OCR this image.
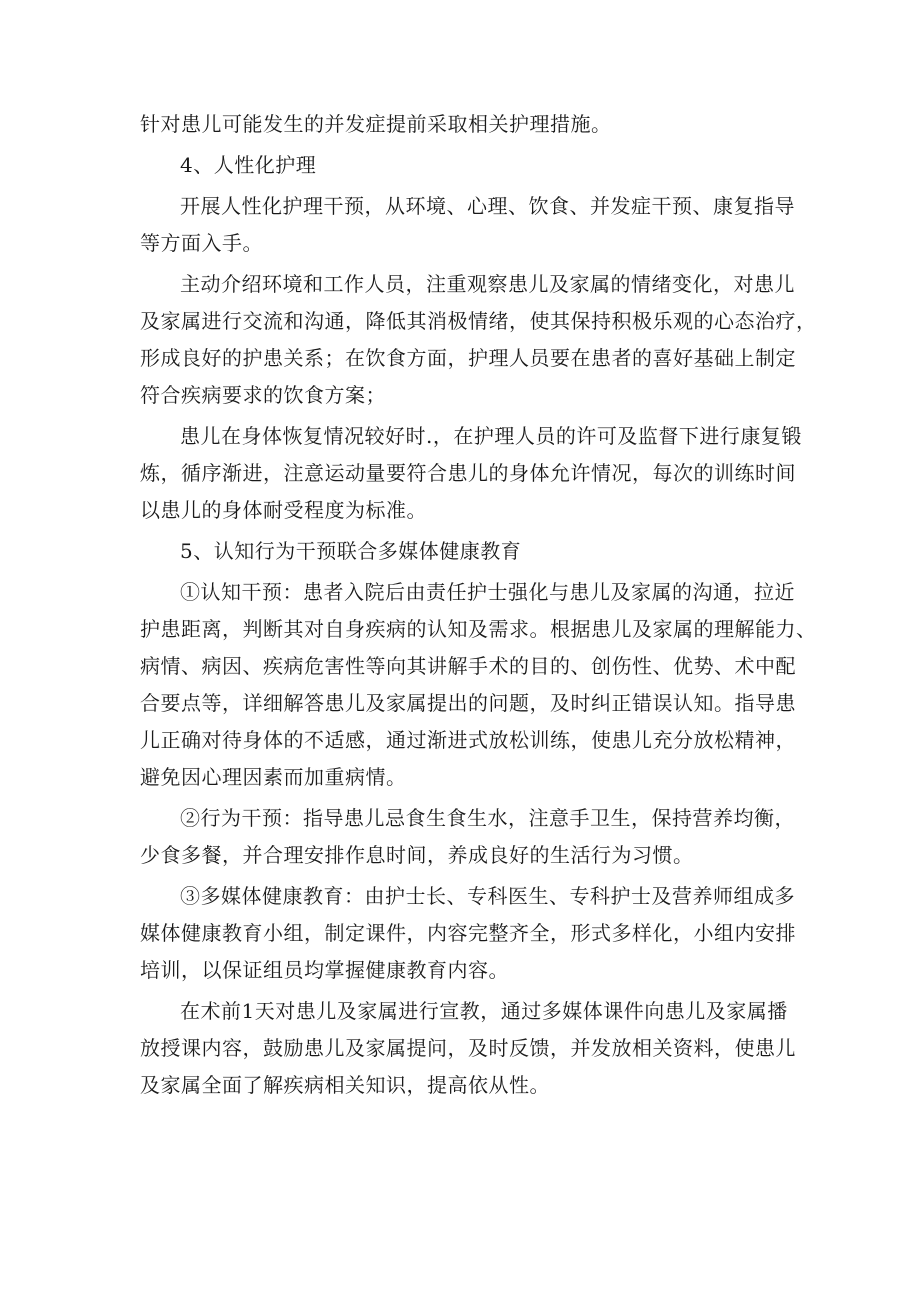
针对患儿可能发生的并发症提前采取相关护理措施。
4、人性化护理
开展人性化护理干预，从环境、心理、饮食、并发症干预、康复指导
等方面入手。
主动介绍环境和工作人员，注重观察患儿及家属的情绪变化，对患儿
及家属进行交流和沟通，降低其消极情绪，使其保持积极乐观的心态治疗，
形成良好的护患关系；在饮食方面，护理人员要在患者的喜好基础上制定
符合疾病要求的饮食方案；
患儿在身体恢复情况较好时.，在护理人员的许可及监督下进行康复锻
炼，循序渐进，注意运动量要符合患儿的身体允许情况，每次的训练时间
以患儿的身体耐受程度为标准。
5、认知行为干预联合多媒体健康教育
①认知干预：患者入院后由责任护士强化与患儿及家属的沟通，拉近
护患距离，判断其对自身疾病的认知及需求。根据患儿及家属的理解能力、
病情、病因、疾病危害性等向其讲解手术的目的、创伤性、优势、术中配
合要点等，详细解答患儿及家属提出的问题，及时纠正错误认知。指导患
儿正确对待身体的不适感，通过渐进式放松训练，使患儿充分放松精神，
避免因心理因素而加重病情。
②行为干预：指导患儿忌食生食生水，注意手卫生，保持营养均衡，
少食多餐，并合理安排作息时间，养成良好的生活行为习惯。
③多媒体健康教育：由护士长、专科医生、专科护士及营养师组成多
媒体健康教育小组，制定课件，内容完整齐全，形式多样化，小组内安排
培训，以保证组员均掌握健康教育内容。
在术前1天对患儿及家属进行宣教，通过多媒体课件向患儿及家属播
放授课内容，鼓励患儿及家属提问，及时反馈，并发放相关资料，使患儿
及家属全面了解疾病相关知识，提高依从性。
